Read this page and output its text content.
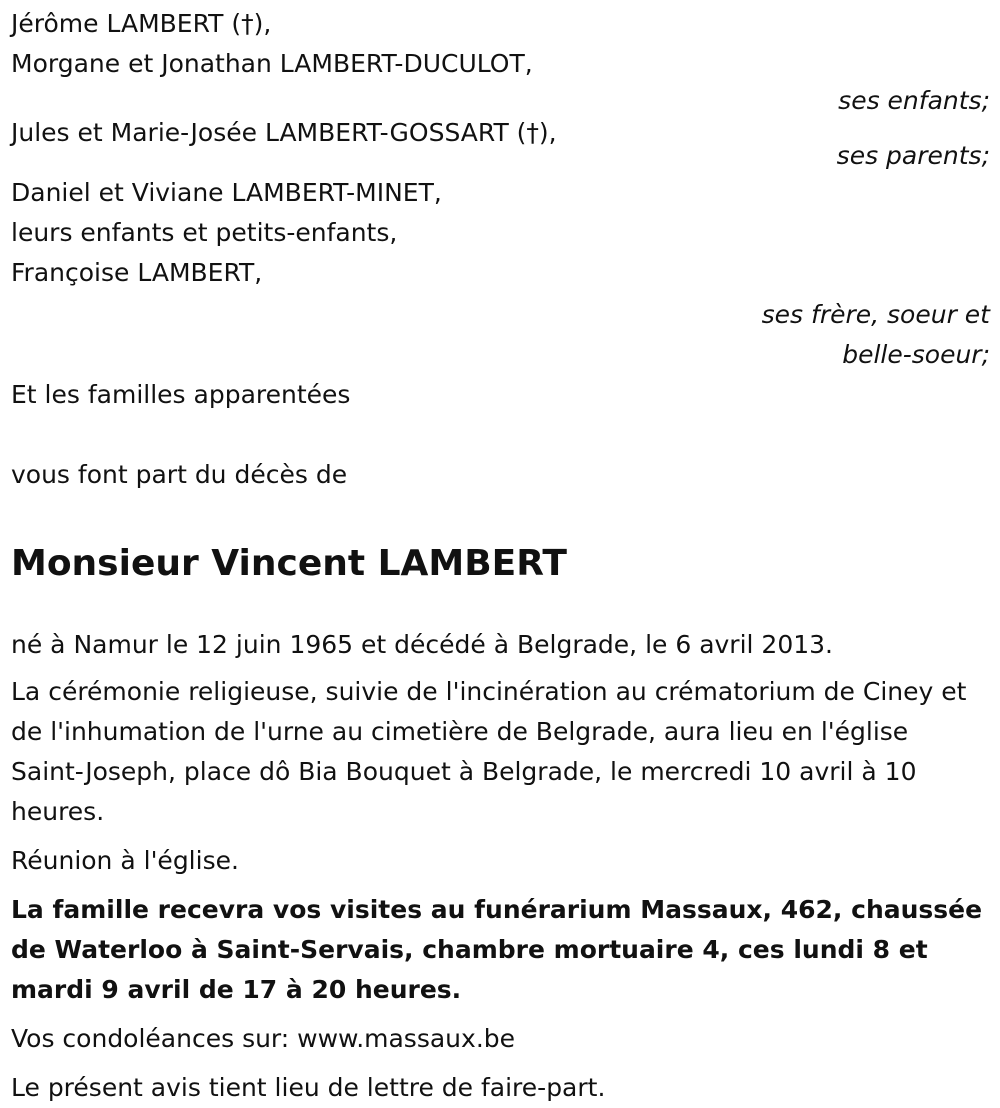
Jérôme LAMBERT (†),
Morgane et Jonathan LAMBERT-DUCULOT,
ses enfants;
Jules et Marie-Josée LAMBERT-GOSSART (†),
ses parents;
Daniel et Viviane LAMBERT-MINET,
leurs enfants et petits-enfants,
Françoise LAMBERT,
ses frère, soeur et
belle-soeur;
Et les familles apparentées
vous font part du décès de
Monsieur Vincent LAMBERT
né à Namur le 12 juin 1965 et décédé à Belgrade, le 6 avril 2013.
La cérémonie religieuse, suivie de l'incinération au crématorium de Ciney et de l'inhumation de l'urne au cimetière de Belgrade, aura lieu en l'église Saint-Joseph, place dô Bia Bouquet à Belgrade, le mercredi 10 avril à 10 heures.
Réunion à l'église.
La famille recevra vos visites au funérarium Massaux, 462, chaussée de Waterloo à Saint-Servais, chambre mortuaire 4, ces lundi 8 et mardi 9 avril de 17 à 20 heures.
Vos condoléances sur: www.massaux.be
Le présent avis tient lieu de lettre de faire-part.
